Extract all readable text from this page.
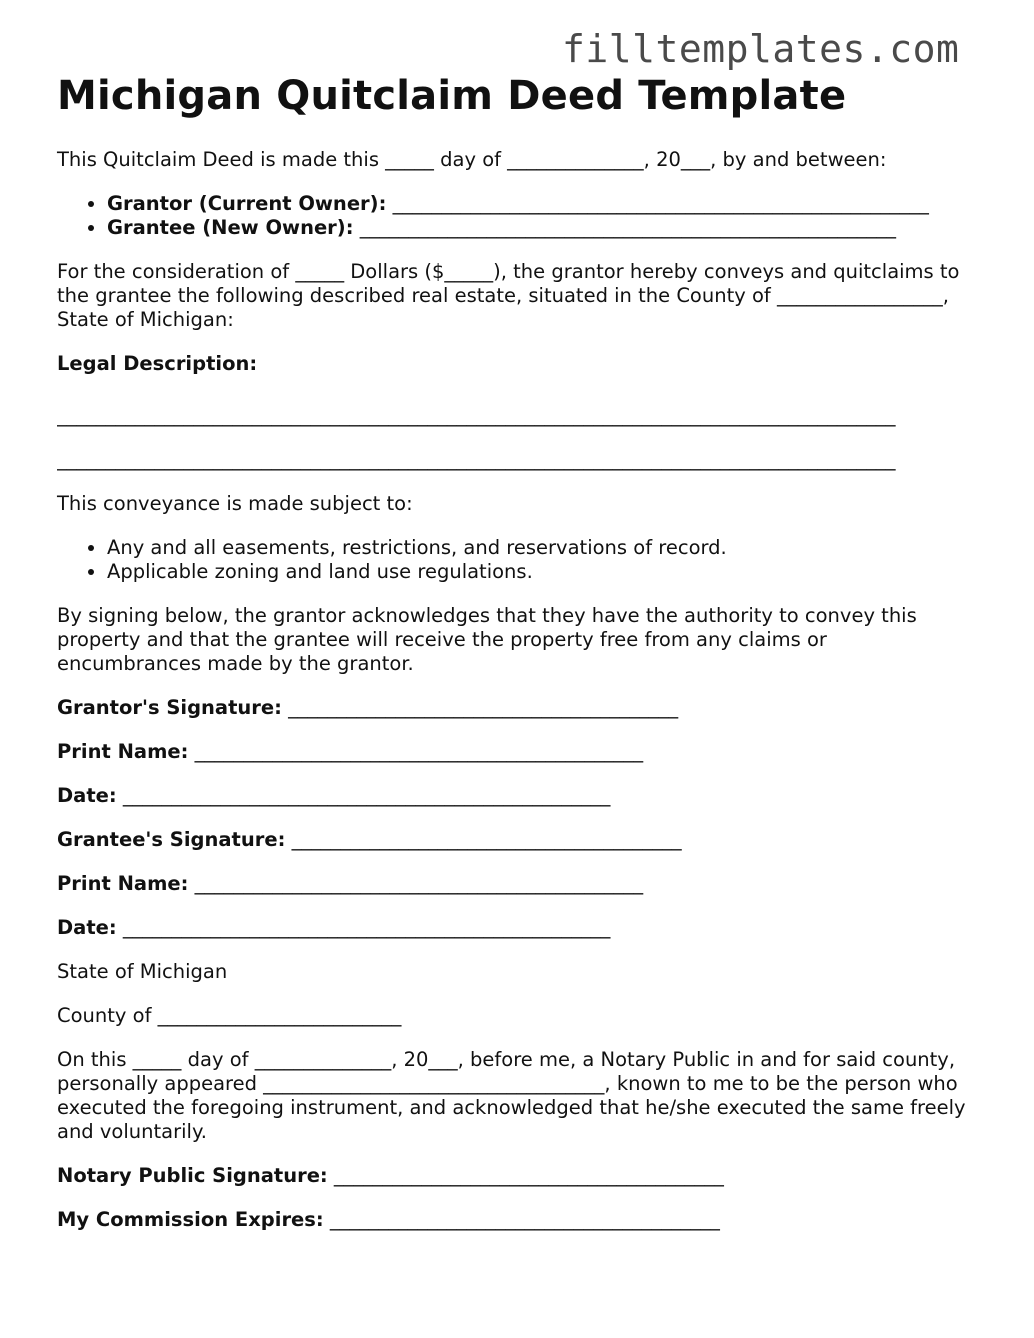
filltemplates.com
Michigan Quitclaim Deed Template

This Quitclaim Deed is made this _____ day of ______________, 20___, by and between:

• Grantor (Current Owner): _______________________________________________________
• Grantee (New Owner): _______________________________________________________

For the consideration of _____ Dollars ($_____), the grantor hereby conveys and quitclaims to the grantee the following described real estate, situated in the County of _________________, State of Michigan:

Legal Description:

______________________________________________________________________________________
______________________________________________________________________________________

This conveyance is made subject to:

• Any and all easements, restrictions, and reservations of record.
• Applicable zoning and land use regulations.

By signing below, the grantor acknowledges that they have the authority to convey this property and that the grantee will receive the property free from any claims or encumbrances made by the grantor.

Grantor's Signature: ________________________________________

Print Name: ______________________________________________

Date: __________________________________________________

Grantee's Signature: ________________________________________

Print Name: ______________________________________________

Date: __________________________________________________

State of Michigan

County of _________________________

On this _____ day of ______________, 20___, before me, a Notary Public in and for said county, personally appeared ___________________________________, known to me to be the person who executed the foregoing instrument, and acknowledged that he/she executed the same freely and voluntarily.

Notary Public Signature: ________________________________________

My Commission Expires: ________________________________________
